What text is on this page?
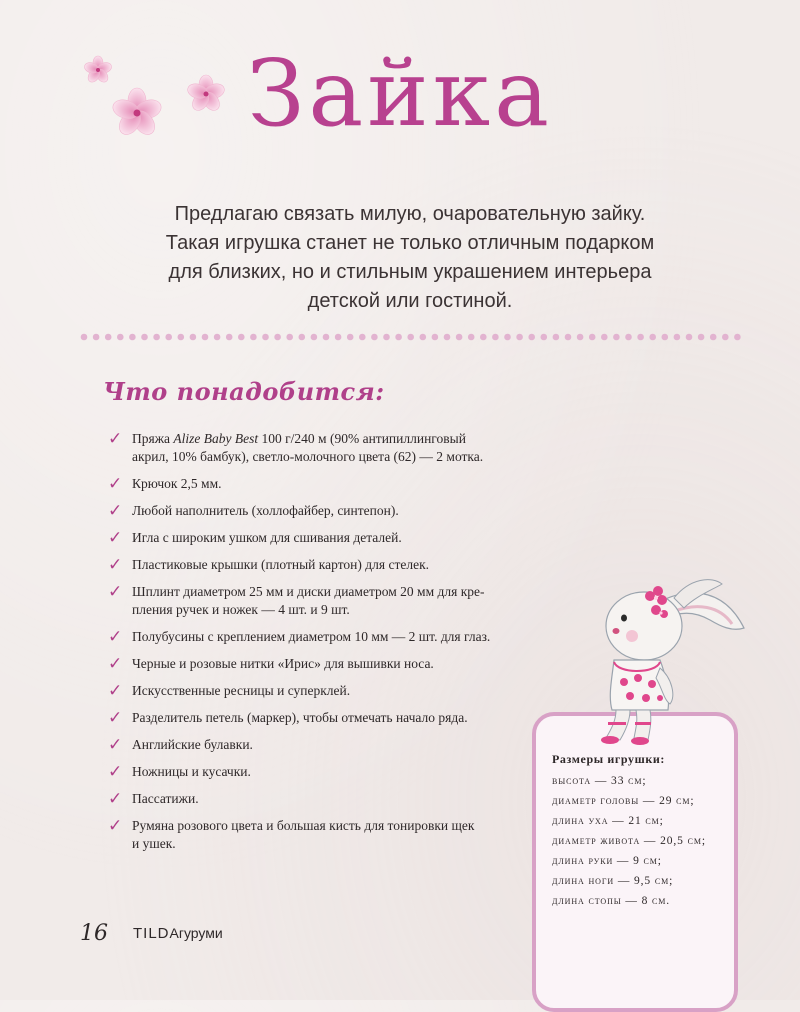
Зайка
Предлагаю связать милую, очаровательную зайку.
Такая игрушка станет не только отличным подарком
для близких, но и стильным украшением интерьера
детской или гостиной.
Что понадобится:
✓ Пряжа Alize Baby Best 100 г/240 м (90% антипиллинговый
акрил, 10% бамбук), светло-молочного цвета (62) — 2 мотка.
✓ Крючок 2,5 мм.
✓ Любой наполнитель (холлофайбер, синтепон).
✓ Игла с широким ушком для сшивания деталей.
✓ Пластиковые крышки (плотный картон) для стелек.
✓ Шплинт диаметром 25 мм и диски диаметром 20 мм для кре-
пления ручек и ножек — 4 шт. и 9 шт.
✓ Полубусины с креплением диаметром 10 мм — 2 шт. для глаз.
✓ Черные и розовые нитки «Ирис» для вышивки носа.
✓ Искусственные ресницы и суперклей.
✓ Разделитель петель (маркер), чтобы отмечать начало ряда.
✓ Английские булавки.
✓ Ножницы и кусачки.
✓ Пассатижи.
✓ Румяна розового цвета и большая кисть для тонировки щек
и ушек.
Размеры игрушки:
высота — 33 см;
диаметр головы — 29 см;
длина уха — 21 см;
диаметр живота — 20,5 см;
длина руки — 9 см;
длина ноги — 9,5 см;
длина стопы — 8 см.
16 TILDАгуруми
